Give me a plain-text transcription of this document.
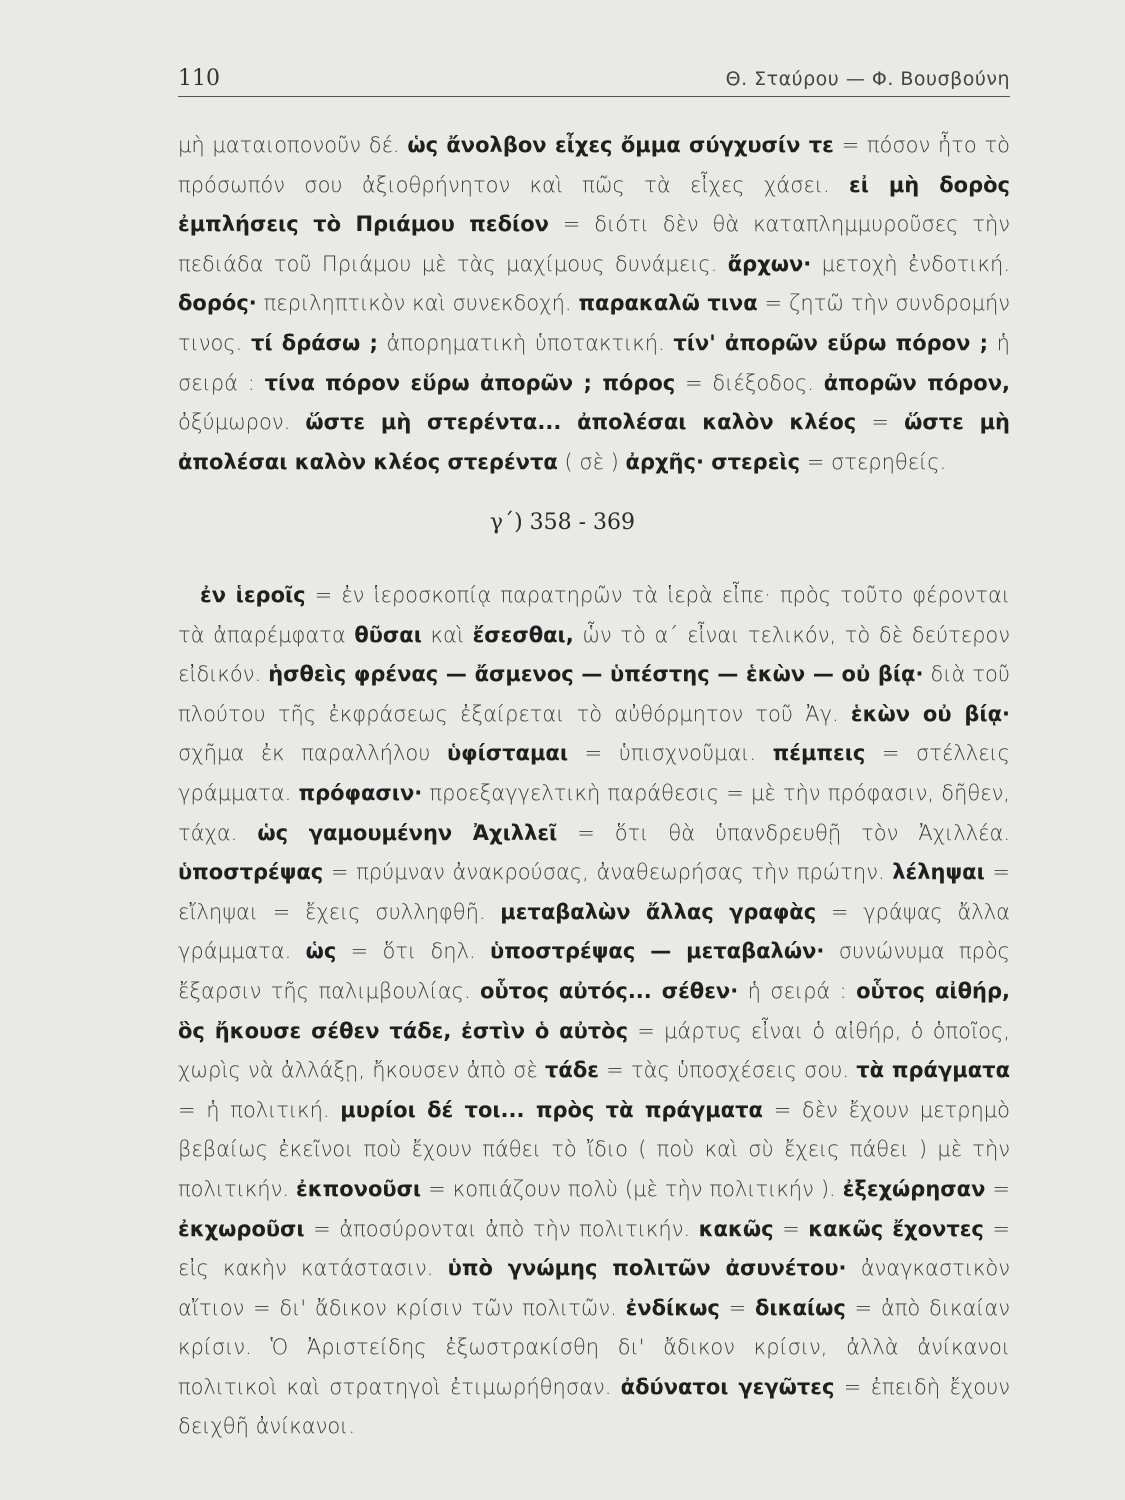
110	Θ. Σταύρου — Φ. Βουσβούνη
μὴ ματαιοπονοῦν δέ. ὡς ἄνολβον εἶχες ὄμμα σύγχυσίν τε = πόσον ἦτο τὸ πρόσωπόν σου ἀξιοθρήνητον καὶ πῶς τὰ εἶχες χάσει. εἰ μὴ δορὸς ἐμπλήσεις τὸ Πριάμου πεδίον = διότι δὲν θὰ καταπλημμυροῦσες τὴν πεδιάδα τοῦ Πριάμου μὲ τὰς μαχίμους δυνάμεις. ἄρχων· μετοχὴ ἐνδοτική. δορός· περιληπτικὸν καὶ συνεκδοχή. παρακαλῶ τινα = ζητῶ τὴν συνδρομήν τινος. τί δράσω ; ἀπορηματικὴ ὑποτακτική. τίν' ἀπορῶν εὕρω πόρον ; ἡ σειρά : τίνα πόρον εὕρω ἀπορῶν ; πόρος = διέξοδος. ἀπορῶν πόρον, ὀξύμωρον. ὥστε μὴ στερέντα... ἀπολέσαι καλὸν κλέος = ὥστε μὴ ἀπολέσαι καλὸν κλέος στερέντα ( σὲ ) ἀρχῆς· στερεὶς = στερηθείς.
γ΄) 358 - 369
ἐν ἱεροῖς = ἐν ἱεροσκοπίᾳ παρατηρῶν τὰ ἱερὰ εἶπε· πρὸς τοῦτο φέρονται τὰ ἀπαρέμφατα θῦσαι καὶ ἔσεσθαι, ὧν τὸ α΄ εἶναι τελικόν, τὸ δὲ δεύτερον εἰδικόν. ἡσθεὶς φρένας — ἄσμενος — ὑπέστης — ἑκὼν — οὐ βίᾳ· διὰ τοῦ πλούτου τῆς ἐκφράσεως ἐξαίρεται τὸ αὐθόρμητον τοῦ Ἀγ. ἑκὼν οὐ βίᾳ· σχῆμα ἐκ παραλλήλου ὑφίσταμαι = ὑπισχνοῦμαι. πέμπεις = στέλλεις γράμματα. πρόφασιν· προεξαγγελτικὴ παράθεσις = μὲ τὴν πρόφασιν, δῆθεν, τάχα. ὡς γαμουμένην Ἀχιλλεῖ = ὅτι θὰ ὑπανδρευθῇ τὸν Ἀχιλλέα. ὑποστρέψας = πρύμναν ἀνακρούσας, ἀναθεωρήσας τὴν πρώτην. λέληψαι = εἴληψαι = ἔχεις συλληφθῆ. μεταβαλὼν ἄλλας γραφὰς = γράψας ἄλλα γράμματα. ὡς = ὅτι δηλ. ὑποστρέψας — μεταβαλών· συνώνυμα πρὸς ἔξαρσιν τῆς παλιμβουλίας. οὗτος αὐτός... σέθεν· ἡ σειρά : οὗτος αἰθήρ, ὃς ἤκουσε σέθεν τάδε, ἐστὶν ὁ αὐτὸς = μάρτυς εἶναι ὁ αἰθήρ, ὁ ὁποῖος, χωρὶς νὰ ἀλλάξῃ, ἤκουσεν ἀπὸ σὲ τάδε = τὰς ὑποσχέσεις σου. τὰ πράγματα = ἡ πολιτική. μυρίοι δέ τοι... πρὸς τὰ πράγματα = δὲν ἔχουν μετρημὸ βεβαίως ἐκεῖνοι ποὺ ἔχουν πάθει τὸ ἴδιο ( ποὺ καὶ σὺ ἔχεις πάθει ) μὲ τὴν πολιτικήν. ἐκπονοῦσι = κοπιάζουν πολὺ (μὲ τὴν πολιτικήν ). ἐξεχώρησαν = ἐκχωροῦσι = ἀποσύρονται ἀπὸ τὴν πολιτικήν. κακῶς = κακῶς ἔχοντες = εἰς κακὴν κατάστασιν. ὑπὸ γνώμης πολιτῶν ἀσυνέτου· ἀναγκαστικὸν αἴτιον = δι' ἄδικον κρίσιν τῶν πολιτῶν. ἐνδίκως = δικαίως = ἀπὸ δικαίαν κρίσιν. Ὁ Ἀριστείδης ἐξωστρακίσθη δι' ἄδικον κρίσιν, ἀλλὰ ἀνίκανοι πολιτικοὶ καὶ στρατηγοὶ ἐτιμωρήθησαν. ἀδύνατοι γεγῶτες = ἐπειδὴ ἔχουν δειχθῆ ἀνίκανοι.
